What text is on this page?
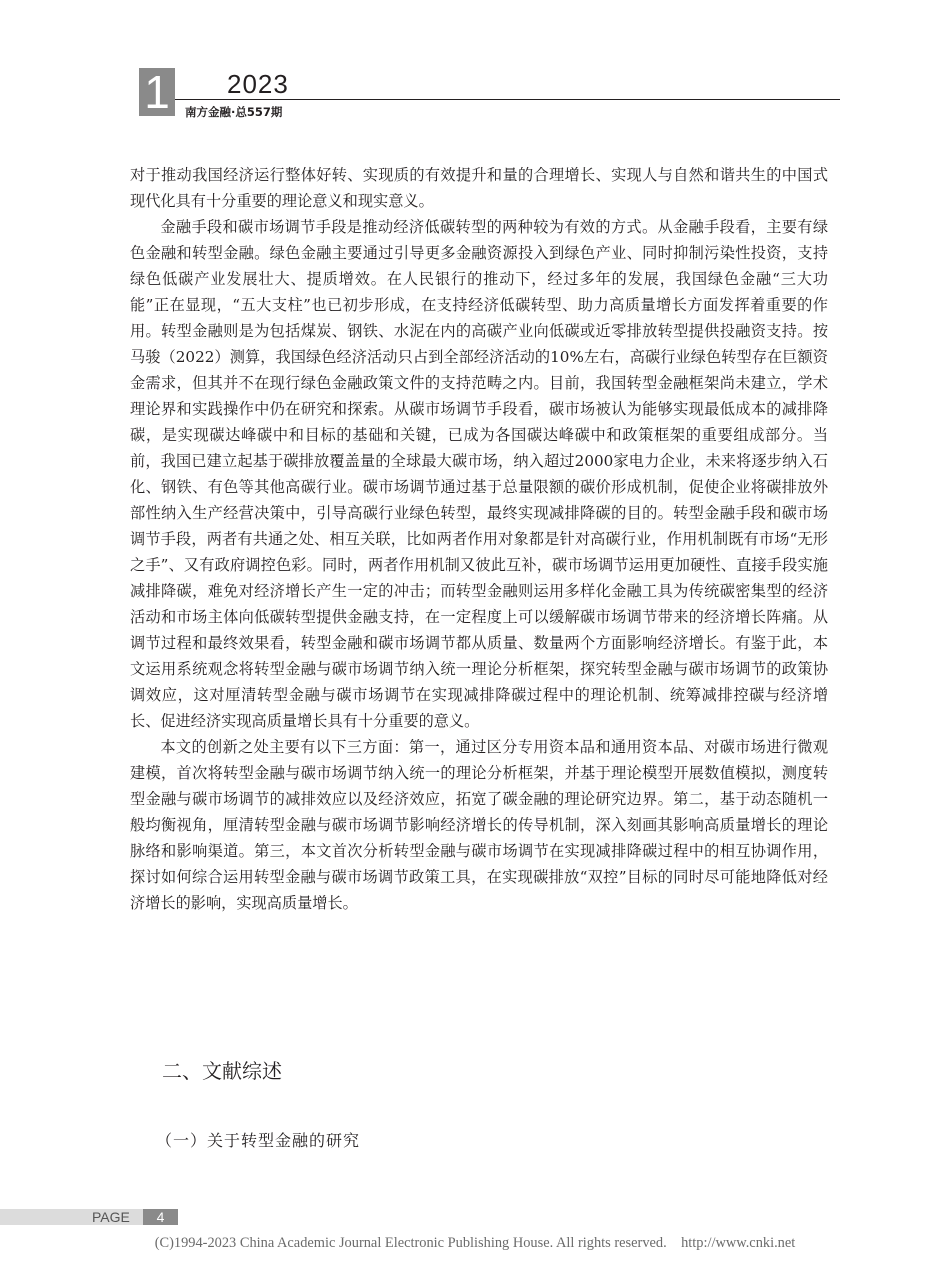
1 2023
南方金融·总557期

对于推动我国经济运行整体好转、实现质的有效提升和量的合理增长、实现人与自然和谐共生的中国式现代化具有十分重要的理论意义和现实意义。

金融手段和碳市场调节手段是推动经济低碳转型的两种较为有效的方式。从金融手段看，主要有绿色金融和转型金融。绿色金融主要通过引导更多金融资源投入到绿色产业、同时抑制污染性投资，支持绿色低碳产业发展壮大、提质增效。在人民银行的推动下，经过多年的发展，我国绿色金融“三大功能”正在显现，“五大支柱”也已初步形成，在支持经济低碳转型、助力高质量增长方面发挥着重要的作用。转型金融则是为包括煤炭、钢铁、水泥在内的高碳产业向低碳或近零排放转型提供投融资支持。按马骏（2022）测算，我国绿色经济活动只占到全部经济活动的10%左右，高碳行业绿色转型存在巨额资金需求，但其并不在现行绿色金融政策文件的支持范畴之内。目前，我国转型金融框架尚未建立，学术理论界和实践操作中仍在研究和探索。从碳市场调节手段看，碳市场被认为能够实现最低成本的减排降碳，是实现碳达峰碳中和目标的基础和关键，已成为各国碳达峰碳中和政策框架的重要组成部分。当前，我国已建立起基于碳排放覆盖量的全球最大碳市场，纳入超过2000家电力企业，未来将逐步纳入石化、钢铁、有色等其他高碳行业。碳市场调节通过基于总量限额的碳价形成机制，促使企业将碳排放外部性纳入生产经营决策中，引导高碳行业绿色转型，最终实现减排降碳的目的。转型金融手段和碳市场调节手段，两者有共通之处、相互关联，比如两者作用对象都是针对高碳行业，作用机制既有市场“无形之手”、又有政府调控色彩。同时，两者作用机制又彼此互补，碳市场调节运用更加硬性、直接手段实施减排降碳，难免对经济增长产生一定的冲击；而转型金融则运用多样化金融工具为传统碳密集型的经济活动和市场主体向低碳转型提供金融支持，在一定程度上可以缓解碳市场调节带来的经济增长阵痛。从调节过程和最终效果看，转型金融和碳市场调节都从质量、数量两个方面影响经济增长。有鉴于此，本文运用系统观念将转型金融与碳市场调节纳入统一理论分析框架，探究转型金融与碳市场调节的政策协调效应，这对厘清转型金融与碳市场调节在实现减排降碳过程中的理论机制、统筹减排控碳与经济增长、促进经济实现高质量增长具有十分重要的意义。

本文的创新之处主要有以下三方面：第一，通过区分专用资本品和通用资本品、对碳市场进行微观建模，首次将转型金融与碳市场调节纳入统一的理论分析框架，并基于理论模型开展数值模拟，测度转型金融与碳市场调节的减排效应以及经济效应，拓宽了碳金融的理论研究边界。第二，基于动态随机一般均衡视角，厘清转型金融与碳市场调节影响经济增长的传导机制，深入刻画其影响高质量增长的理论脉络和影响渠道。第三，本文首次分析转型金融与碳市场调节在实现减排降碳过程中的相互协调作用，探讨如何综合运用转型金融与碳市场调节政策工具，在实现碳排放“双控”目标的同时尽可能地降低对经济增长的影响，实现高质量增长。

二、文献综述
（一）关于转型金融的研究
PAGE	4
(C)1994-2023 China Academic Journal Electronic Publishing House. All rights reserved.    http://www.cnki.net
